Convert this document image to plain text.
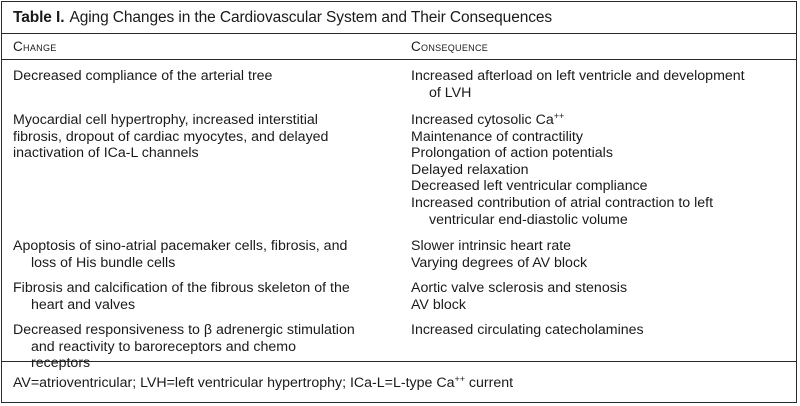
Table I. Aging Changes in the Cardiovascular System and Their Consequences
Change	Consequence
Decreased compliance of the arterial tree	Increased afterload on left ventricle and development
of LVH
Myocardial cell hypertrophy, increased interstitial
fibrosis, dropout of cardiac myocytes, and delayed
inactivation of ICa-L channels
Increased cytosolic Ca++
Maintenance of contractility
Prolongation of action potentials
Delayed relaxation
Decreased left ventricular compliance
Increased contribution of atrial contraction to left
ventricular end-diastolic volume
Apoptosis of sino-atrial pacemaker cells, fibrosis, and
loss of His bundle cells
Slower intrinsic heart rate
Varying degrees of AV block
Fibrosis and calcification of the fibrous skeleton of the
heart and valves
Aortic valve sclerosis and stenosis
AV block
Decreased responsiveness to β adrenergic stimulation
and reactivity to baroreceptors and chemo
receptors
Increased circulating catecholamines
AV=atrioventricular; LVH=left ventricular hypertrophy; ICa-L=L-type Ca++ current
